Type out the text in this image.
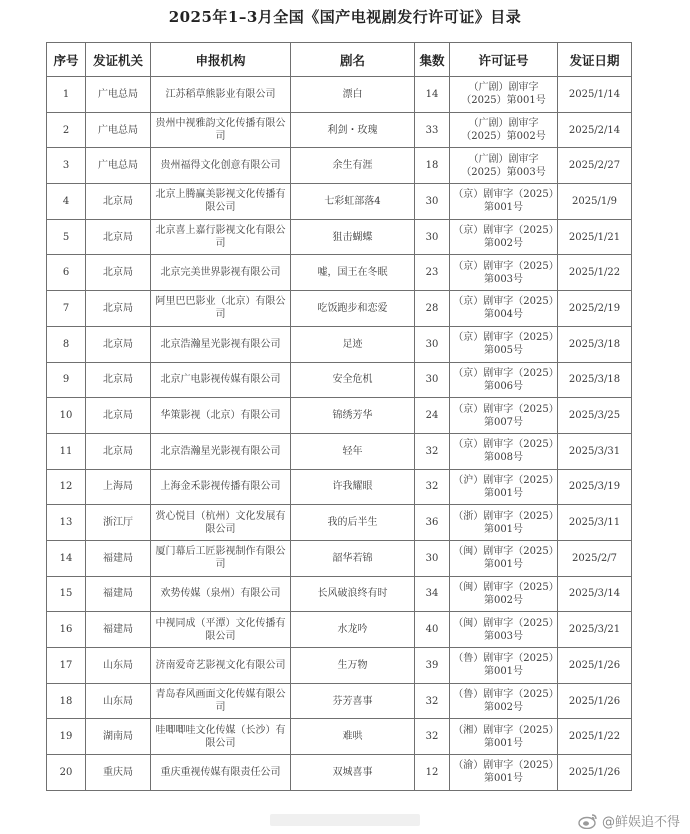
2025年1–3月全国《国产电视剧发行许可证》目录
序号	发证机关	申报机构	剧名	集数	许可证号	发证日期
1	广电总局	江苏稻草熊影业有限公司	漂白	14	（广剧）剧审字（2025）第001号	2025/1/14
2	广电总局	贵州中视雅韵文化传播有限公司	利剑・玫瑰	33	（广剧）剧审字（2025）第002号	2025/2/14
3	广电总局	贵州福得文化创意有限公司	余生有涯	18	（广剧）剧审字（2025）第003号	2025/2/27
4	北京局	北京上腾赢美影视文化传播有限公司	七彩虹部落4	30	（京）剧审字（2025）第001号	2025/1/9
5	北京局	北京喜上嘉行影视文化有限公司	狙击蝴蝶	30	（京）剧审字（2025）第002号	2025/1/21
6	北京局	北京完美世界影视有限公司	嘘，国王在冬眠	23	（京）剧审字（2025）第003号	2025/1/22
7	北京局	阿里巴巴影业（北京）有限公司	吃饭跑步和恋爱	28	（京）剧审字（2025）第004号	2025/2/19
8	北京局	北京浩瀚星光影视有限公司	足迹	30	（京）剧审字（2025）第005号	2025/3/18
9	北京局	北京广电影视传媒有限公司	安全危机	30	（京）剧审字（2025）第006号	2025/3/18
10	北京局	华策影视（北京）有限公司	锦绣芳华	24	（京）剧审字（2025）第007号	2025/3/25
11	北京局	北京浩瀚星光影视有限公司	轻年	32	（京）剧审字（2025）第008号	2025/3/31
12	上海局	上海金禾影视传播有限公司	许我耀眼	32	（沪）剧审字（2025）第001号	2025/3/19
13	浙江厅	赏心悦目（杭州）文化发展有限公司	我的后半生	36	（浙）剧审字（2025）第001号	2025/3/11
14	福建局	厦门幕后工匠影视制作有限公司	韶华若锦	30	（闽）剧审字（2025）第001号	2025/2/7
15	福建局	欢势传媒（泉州）有限公司	长风破浪终有时	34	（闽）剧审字（2025）第002号	2025/3/14
16	福建局	中视同成（平潭）文化传播有限公司	水龙吟	40	（闽）剧审字（2025）第003号	2025/3/21
17	山东局	济南爱奇艺影视文化有限公司	生万物	39	（鲁）剧审字（2025）第001号	2025/1/26
18	山东局	青岛春风画面文化传媒有限公司	芬芳喜事	32	（鲁）剧审字（2025）第002号	2025/1/26
19	湖南局	哇唧唧哇文化传媒（长沙）有限公司	难哄	32	（湘）剧审字（2025）第001号	2025/1/22
20	重庆局	重庆重视传媒有限责任公司	双城喜事	12	（渝）剧审字（2025）第001号	2025/1/26
@鲜娱追不得
